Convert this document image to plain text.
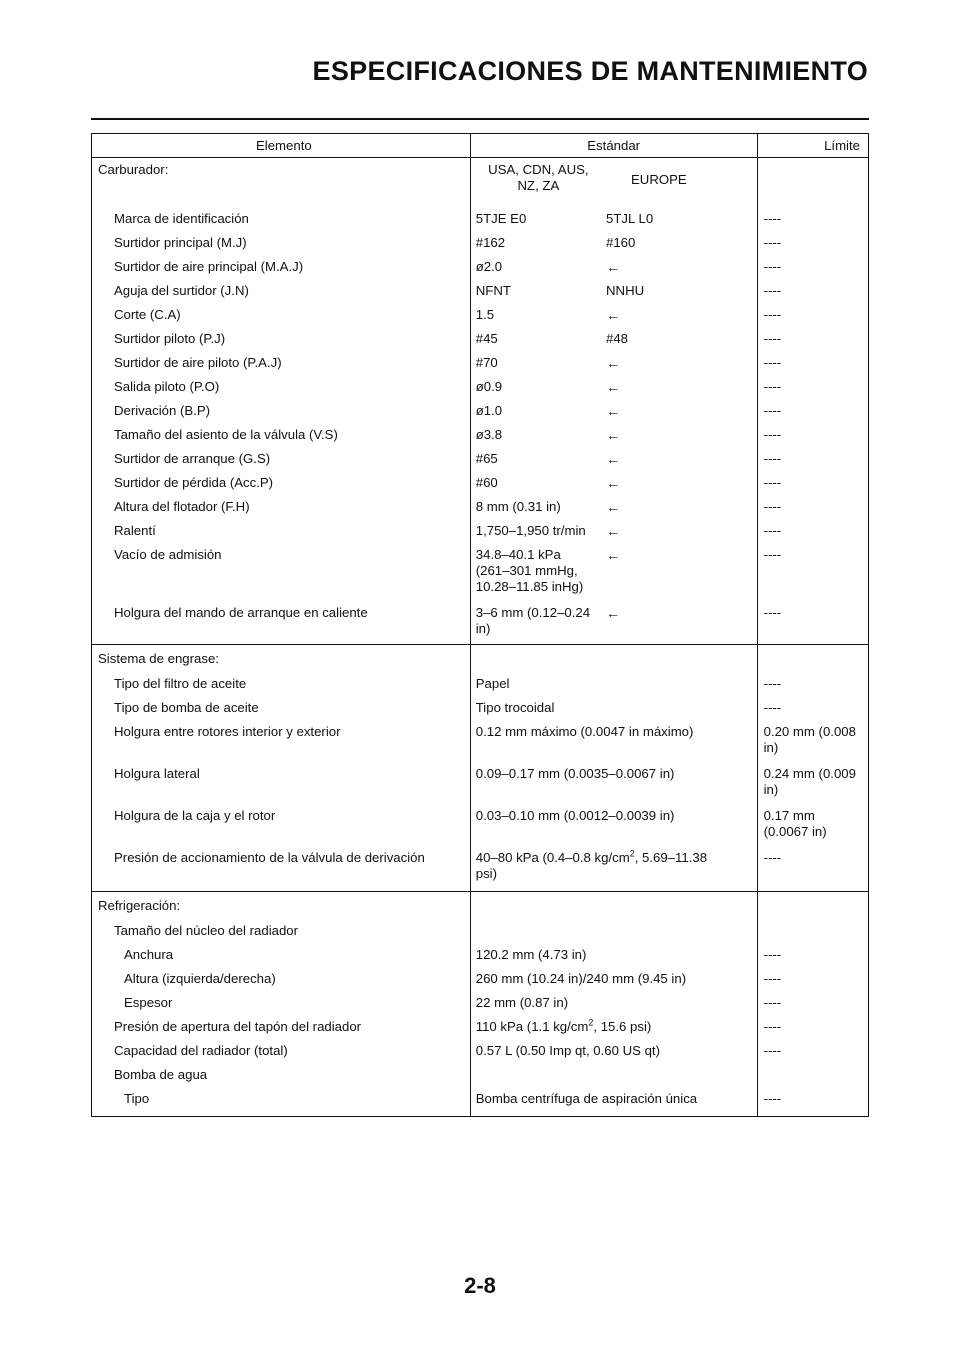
ESPECIFICACIONES DE MANTENIMIENTO
Elemento	Estándar		Límite
Carburador:	USA, CDN, AUS, NZ, ZA	EUROPE	

Marca de identificación	5TJE E0	5TJL L0	----

Surtidor principal (M.J)	#162	#160	----

Surtidor de aire principal (M.A.J)	ø2.0	←	----

Aguja del surtidor (J.N)	NFNT	NNHU	----

Corte (C.A)	1.5	←	----

Surtidor piloto (P.J)	#45	#48	----

Surtidor de aire piloto (P.A.J)	#70	←	----

Salida piloto (P.O)	ø0.9	←	----

Derivación (B.P)	ø1.0	←	----

Tamaño del asiento de la válvula (V.S)	ø3.8	←	----

Surtidor de arranque (G.S)	#65	←	----

Surtidor de pérdida (Acc.P)	#60	←	----

Altura del flotador (F.H)	8 mm (0.31 in)	←	----

Ralentí	1,750–1,950 tr/min	←	----

Vacío de admisión	34.8–40.1 kPa
(261–301 mmHg,
10.28–11.85 inHg)	←	----

Holgura del mando de arranque en caliente	3–6 mm (0.12–0.24
in)	←	----

Sistema de engrase:			

Tipo del filtro de aceite	Papel		----

Tipo de bomba de aceite	Tipo trocoidal		----

Holgura entre rotores interior y exterior	0.12 mm máximo (0.0047 in máximo)		0.20 mm (0.008
in)

Holgura lateral	0.09–0.17 mm (0.0035–0.0067 in)		0.24 mm (0.009
in)

Holgura de la caja y el rotor	0.03–0.10 mm (0.0012–0.0039 in)		0.17 mm
(0.0067 in)

Presión de accionamiento de la válvula de derivación	40–80 kPa (0.4–0.8 $kg/cm^2$, 5.69–11.38
psi)		----

Refrigeración:			

Tamaño del núcleo del radiador			

Anchura	120.2 mm (4.73 in)		----

Altura (izquierda/derecha)	260 mm (10.24 in)/240 mm (9.45 in)		----

Espesor	22 mm (0.87 in)		----

Presión de apertura del tapón del radiador	110 kPa (1.1 $kg/cm^2$, 15.6 psi)		----

Capacidad del radiador (total)	0.57 L (0.50 Imp qt, 0.60 US qt)		----

Bomba de agua			

Tipo	Bomba centrífuga de aspiración única		----

2-8
